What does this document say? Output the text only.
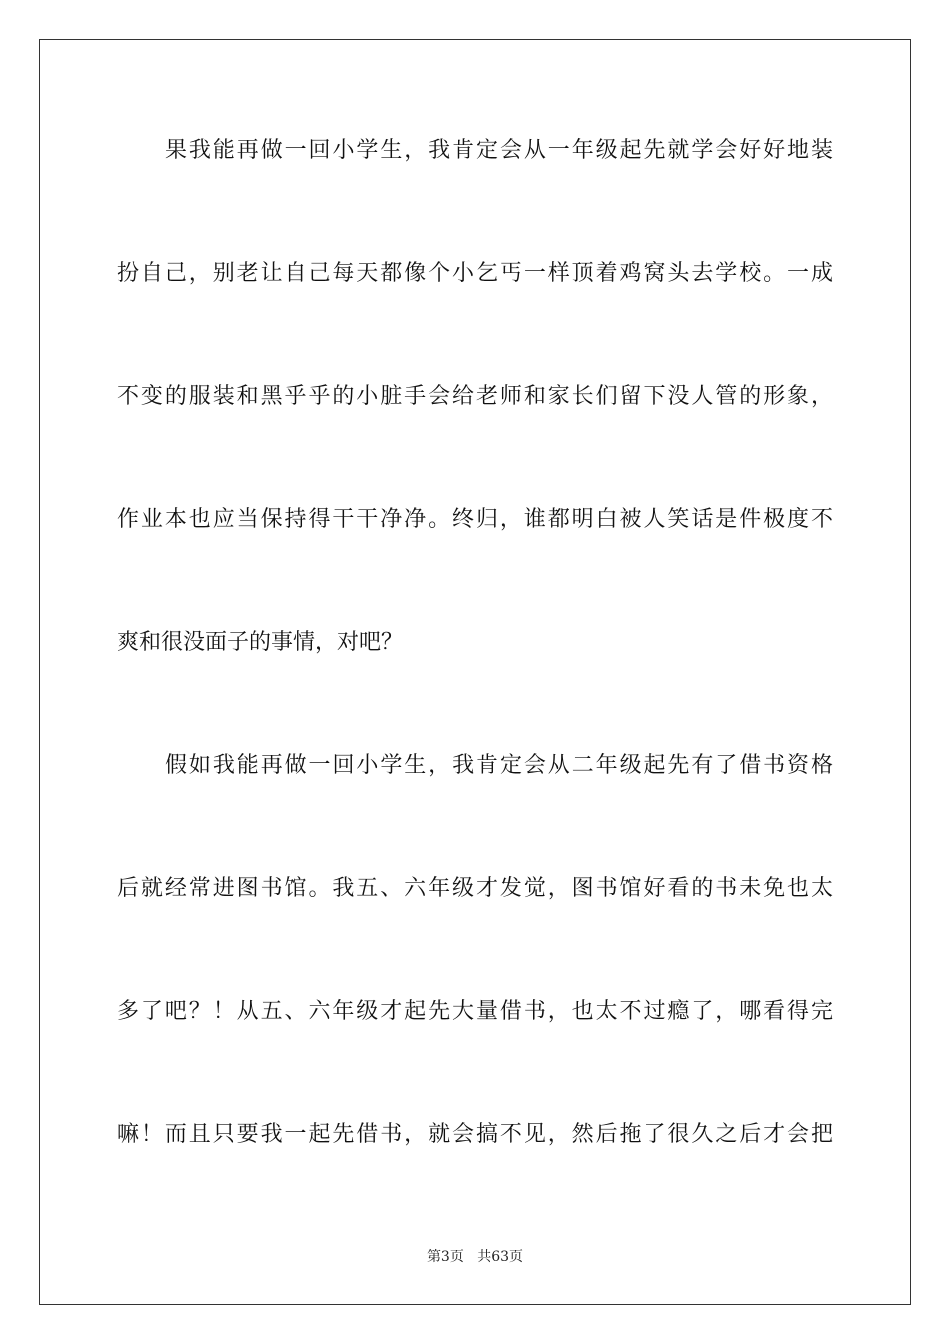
果我能再做一回小学生，我肯定会从一年级起先就学会好好地装
扮自己，别老让自己每天都像个小乞丐一样顶着鸡窝头去学校。一成
不变的服装和黑乎乎的小脏手会给老师和家长们留下没人管的形象，
作业本也应当保持得干干净净。终归，谁都明白被人笑话是件极度不
爽和很没面子的事情，对吧？
假如我能再做一回小学生，我肯定会从二年级起先有了借书资格
后就经常进图书馆。我五、六年级才发觉，图书馆好看的书未免也太
多了吧？！从五、六年级才起先大量借书，也太不过瘾了，哪看得完
嘛！而且只要我一起先借书，就会搞不见，然后拖了很久之后才会把
第3页 共63页
